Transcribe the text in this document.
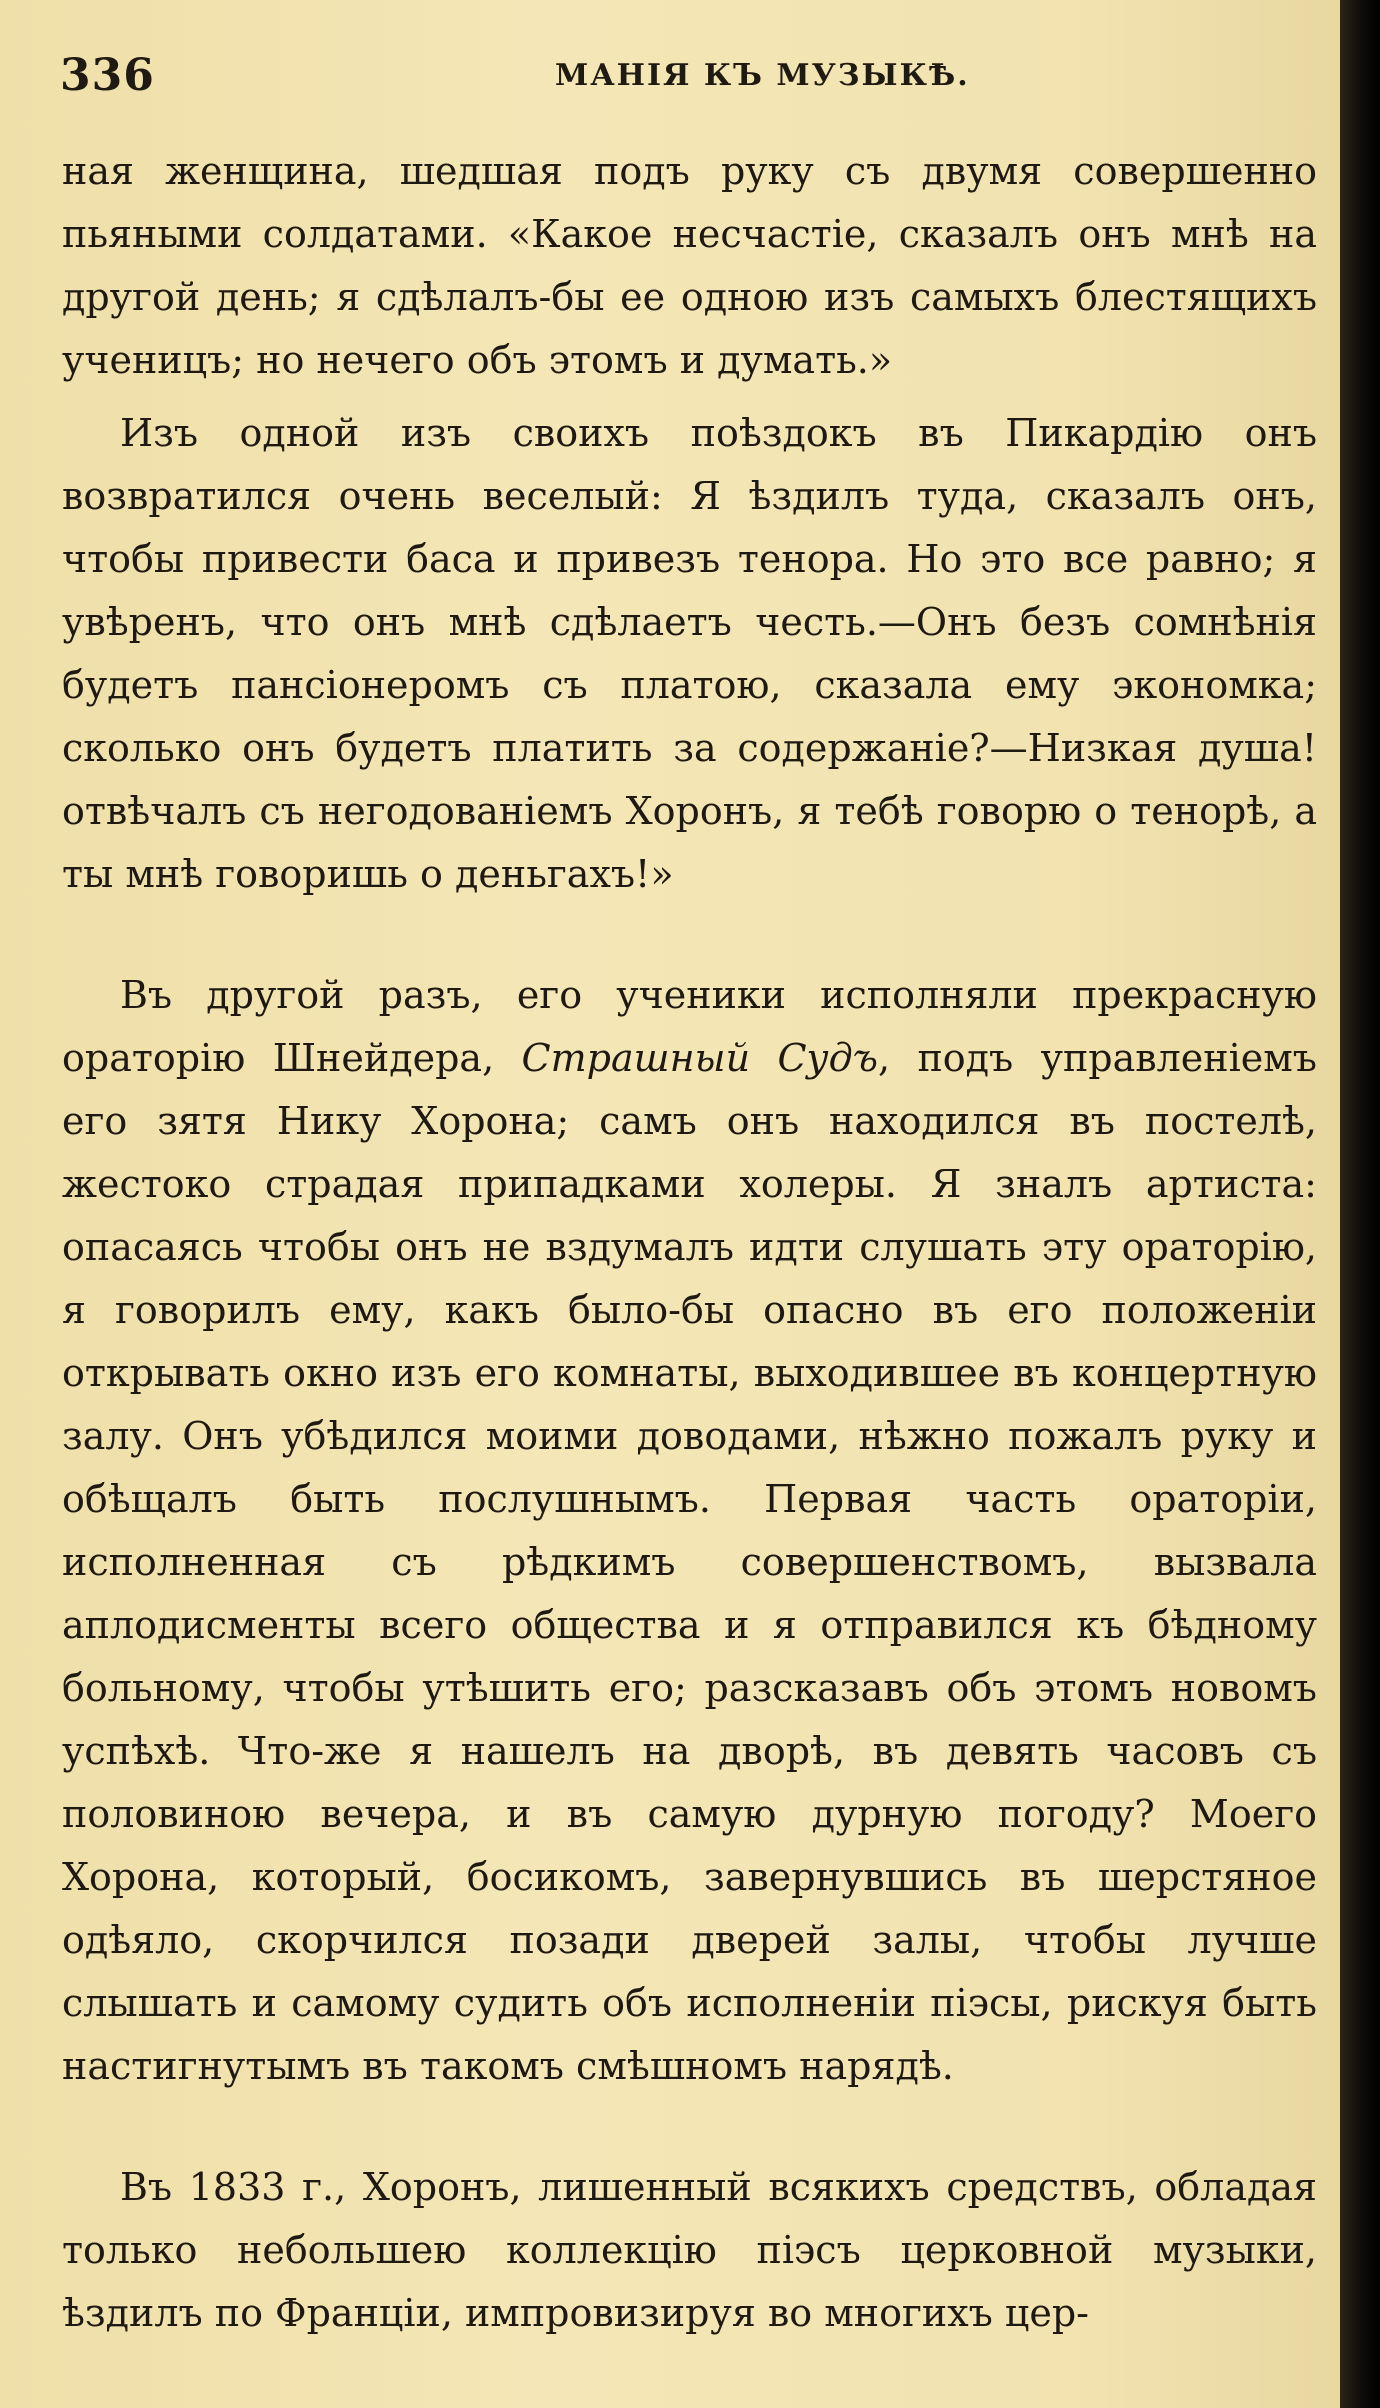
336	МАНІЯ КЪ МУЗЫКѢ.

ная женщина, шедшая подъ руку съ двумя совершенно пьяными солдатами. «Какое несчастіе, сказалъ онъ мнѣ на другой день; я сдѣлалъ-бы ее одною изъ самыхъ блестящихъ ученицъ; но нечего объ этомъ и думать.»

Изъ одной изъ своихъ поѣздокъ въ Пикардію онъ возвратился очень веселый: Я ѣздилъ туда, сказалъ онъ, чтобы привести баса и привезъ тенора. Но это все равно; я увѣренъ, что онъ мнѣ сдѣлаетъ честь.—Онъ безъ сомнѣнія будетъ пансіонеромъ съ платою, сказала ему экономка; сколько онъ будетъ платить за содержаніе?—Низкая душа! отвѣчалъ съ негодованіемъ Хоронъ, я тебѣ говорю о тенорѣ, а ты мнѣ говоришь о деньгахъ!»

Въ другой разъ, его ученики исполняли прекрасную ораторію Шнейдера, Страшный Судъ, подъ управленіемъ его зятя Нику Хорона; самъ онъ находился въ постелѣ, жестоко страдая припадками холеры. Я зналъ артиста: опасаясь чтобы онъ не вздумалъ идти слушать эту ораторію, я говорилъ ему, какъ было-бы опасно въ его положеніи открывать окно изъ его комнаты, выходившее въ концертную залу. Онъ убѣдился моими доводами, нѣжно пожалъ руку и обѣщалъ быть послушнымъ. Первая часть ораторіи, исполненная съ рѣдкимъ совершенствомъ, вызвала аплодисменты всего общества и я отправился къ бѣдному больному, чтобы утѣшить его; разсказавъ объ этомъ новомъ успѣхѣ. Что-же я нашелъ на дворѣ, въ девять часовъ съ половиною вечера, и въ самую дурную погоду? Моего Хорона, который, босикомъ, завернувшись въ шерстяное одѣяло, скорчился позади дверей залы, чтобы лучше слышать и самому судить объ исполненіи піэсы, рискуя быть настигнутымъ въ такомъ смѣшномъ нарядѣ.

Въ 1833 г., Хоронъ, лишенный всякихъ средствъ, обладая только небольшею коллекцію піэсъ церковной музыки, ѣздилъ по Франціи, импровизируя во многихъ цер-
